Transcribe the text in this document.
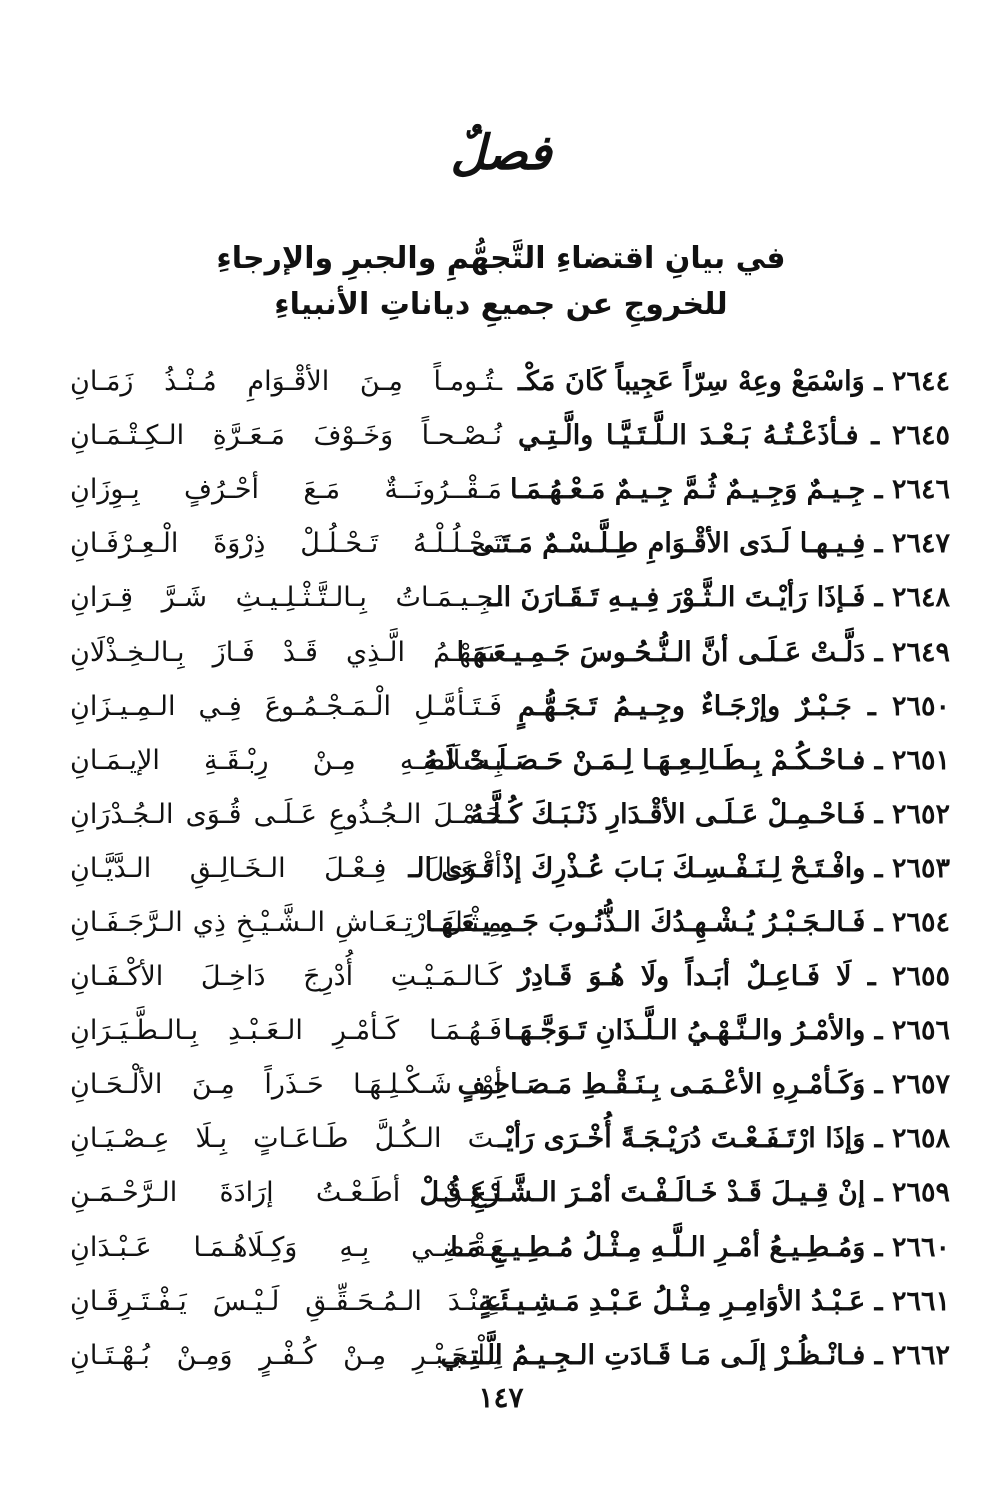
فصلٌ
في بيانِ اقتضاءِ التَّجهُّمِ والجبرِ والإرجاءِ
للخروجِ عن جميعِ دياناتِ الأنبياءِ
٢٦٤٤ ـ وَاسْمَعْ وعِهْ سِرّاً عَجِيباً كَانَ مَكْـ
ـتُـومـاً مِـنَ الأقْـوَامِ مُـنْـذُ زَمَـانِ
٢٦٤٥ ـ فـأذَعْـتُـهُ بَـعْـدَ الـلَّـتَـيَّـا والَّـتِـي
نُـصْـحـاً وَخَـوْفَ مَـعَـرَّةِ الـكِـتْـمَـانِ
٢٦٤٦ ـ جِـيـمٌ وَجِـيـمٌ ثُـمَّ جِـيـمٌ مَـعْـهُـمَـا
مَـقْــرُونَــةٌ مَـعَ أحْـرُفٍ بِـوِزَانِ
٢٦٤٧ ـ فِـيـهـا لَـدَى الأقْـوَامِ طِـلَّـسْـمٌ مَـتَـى
تَـحْـلُـلْـهُ تَـحْـلُـلْ ذِرْوَةَ الْـعِـرْفَـانِ
٢٦٤٨ ـ فَـإذَا رَأيْـتَ الـثَّـوْرَ فِـيـهِ تَـقَـارَنَ الـ
ـجِـيـمَـاتُ بِـالـتَّـثْـلِـيـثِ شَـرَّ قِـرَانِ
٢٦٤٩ ـ دَلَّـتْ عَـلَـى أنَّ الـنُّـحُـوسَ جَـمِـيـعَـهَـا
سَـهْـمُ الَّـذِي قَـدْ فَـازَ بِـالـخِـذْلَانِ
٢٦٥٠ ـ جَـبْـرٌ وإرْجَـاءٌ وجِـيـمُ تَـجَـهُّـمٍ
فَـتَـأمَّـلِ الْـمَـجْـمُـوعَ فِـي الـمِـيـزَانِ
٢٦٥١ ـ فـاحْـكُـمْ بِـطَـالِـعِـهَـا لِـمَـنْ حَـصَـلَـتْ لَـهُ
بِـخَـلَاصِـهِ مِـنْ رِبْـقَـةِ الإيـمَـانِ
٢٦٥٢ ـ فَـاحْـمِـلْ عَـلَـى الأقْـدَارِ ذَنْـبَـكَ كُـلَّـهُ
حَـمْـلَ الـجُـذُوعِ عَـلَـى قُـوَى الـجُـدْرَانِ
٢٦٥٣ ـ وافْـتَـحْ لِـنَـفْـسِـكَ بَـابَ عُـذْرِكَ إذْ تَـرَى الـ
أفْـعَـالَ فِـعْـلَ الـخَـالِـقِ الـدَّيَّـانِ
٢٦٥٤ ـ فَـالـجَـبْـرُ يُـشْـهِـدُكَ الـذُّنُـوبَ جَـمِـيـعَـهَـا
مِـثْـلَ ارْتِـعَـاشِ الـشَّـيْـخِ ذِي الـرَّجَـفَـانِ
٢٦٥٥ ـ لَا فَـاعِـلٌ أبَـداً ولَا هُـوَ قَـادِرٌ
كَـالـمَـيْـتِ أُدْرِجَ دَاخِـلَ الأكْـفَـانِ
٢٦٥٦ ـ والأمْـرُ والـنَّـهْـيُ الـلَّـذَانِ تَـوَجَّـهَـا
فَـهُـمَـا كَـأمْـرِ الـعَـبْـدِ بِـالـطَّـيَـرَانِ
٢٦٥٧ ـ وَكَـأمْـرِهِ الأعْـمَـى بِـنَـقْـطِ مَـصَـاحِـفٍ
أوْ شَـكْـلِـهَـا حَـذَراً مِـنَ الألْـحَـانِ
٢٦٥٨ ـ وَإذَا ارْتَـفَـعْـتَ دُرَيْـجَـةً أُخْـرَى رَأيْـ
ـتَ الـكُـلَّ طَـاعَـاتٍ بِـلَا عِـصْـيَـانِ
٢٦٥٩ ـ إنْ قِـيـلَ قَـدْ خَـالَـفْـتَ أمْـرَ الـشَّـرْعِ قُـلْ
لَـكِـنْ أطَـعْـتُ إرَادَةَ الـرَّحْـمَـنِ
٢٦٦٠ ـ وَمُـطِـيـعُ أمْـرِ الـلَّـهِ مِـثْـلُ مُـطِـيـعِ مَـا
يَـقْـضِـي بِـهِ وَكِـلَاهُـمَـا عَـبْـدَانِ
٢٦٦١ ـ عَـبْـدُ الأوَامِـرِ مِـثْـلُ عَـبْـدِ مَـشِـيـئَـةٍ
عِـنْـدَ الـمُـحَـقِّـقِ لَـيْـسَ يَـفْـتَـرِقَـانِ
٢٦٦٢ ـ فـانْـظُـرْ إلَـى مَـا قَـادَتِ الـجِـيـمُ الَّـتِـي
لِـلْـجَـبْـرِ مِـنْ كُـفْـرٍ وَمِـنْ بُـهْـتَـانِ
١٤٧
